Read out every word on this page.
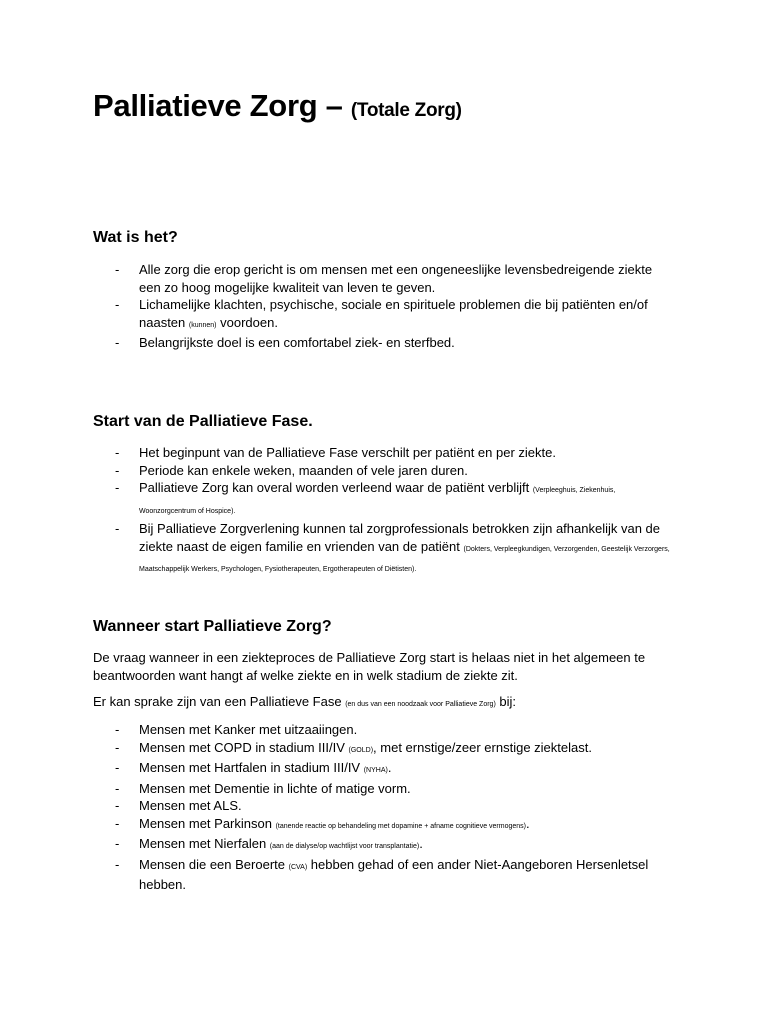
Palliatieve Zorg – (Totale Zorg)
Wat is het?
- Alle zorg die erop gericht is om mensen met een ongeneeslijke levensbedreigende ziekte een zo hoog mogelijke kwaliteit van leven te geven.
- Lichamelijke klachten, psychische, sociale en spirituele problemen die bij patiënten en/of naasten (kunnen) voordoen.
- Belangrijkste doel is een comfortabel ziek- en sterfbed.
Start van de Palliatieve Fase.
- Het beginpunt van de Palliatieve Fase verschilt per patiënt en per ziekte.
- Periode kan enkele weken, maanden of vele jaren duren.
- Palliatieve Zorg kan overal worden verleend waar de patiënt verblijft (Verpleeghuis, Ziekenhuis, Woonzorgcentrum of Hospice).
- Bij Palliatieve Zorgverlening kunnen tal zorgprofessionals betrokken zijn afhankelijk van de ziekte naast de eigen familie en vrienden van de patiënt (Dokters, Verpleegkundigen, Verzorgenden, Geestelijk Verzorgers, Maatschappelijk Werkers, Psychologen, Fysiotherapeuten, Ergotherapeuten of Diëtisten).
Wanneer start Palliatieve Zorg?

De vraag wanneer in een ziekteproces de Palliatieve Zorg start is helaas niet in het algemeen te beantwoorden want hangt af welke ziekte en in welk stadium de ziekte zit.

Er kan sprake zijn van een Palliatieve Fase (en dus van een noodzaak voor Palliatieve Zorg) bij:

- Mensen met Kanker met uitzaaiingen.
- Mensen met COPD in stadium III/IV (GOLD), met ernstige/zeer ernstige ziektelast.
- Mensen met Hartfalen in stadium III/IV (NYHA).
- Mensen met Dementie in lichte of matige vorm.
- Mensen met ALS.
- Mensen met Parkinson (tanende reactie op behandeling met dopamine + afname cognitieve vermogens).
- Mensen met Nierfalen (aan de dialyse/op wachtlijst voor transplantatie).
- Mensen die een Beroerte (CVA) hebben gehad of een ander Niet-Aangeboren Hersenletsel hebben.
